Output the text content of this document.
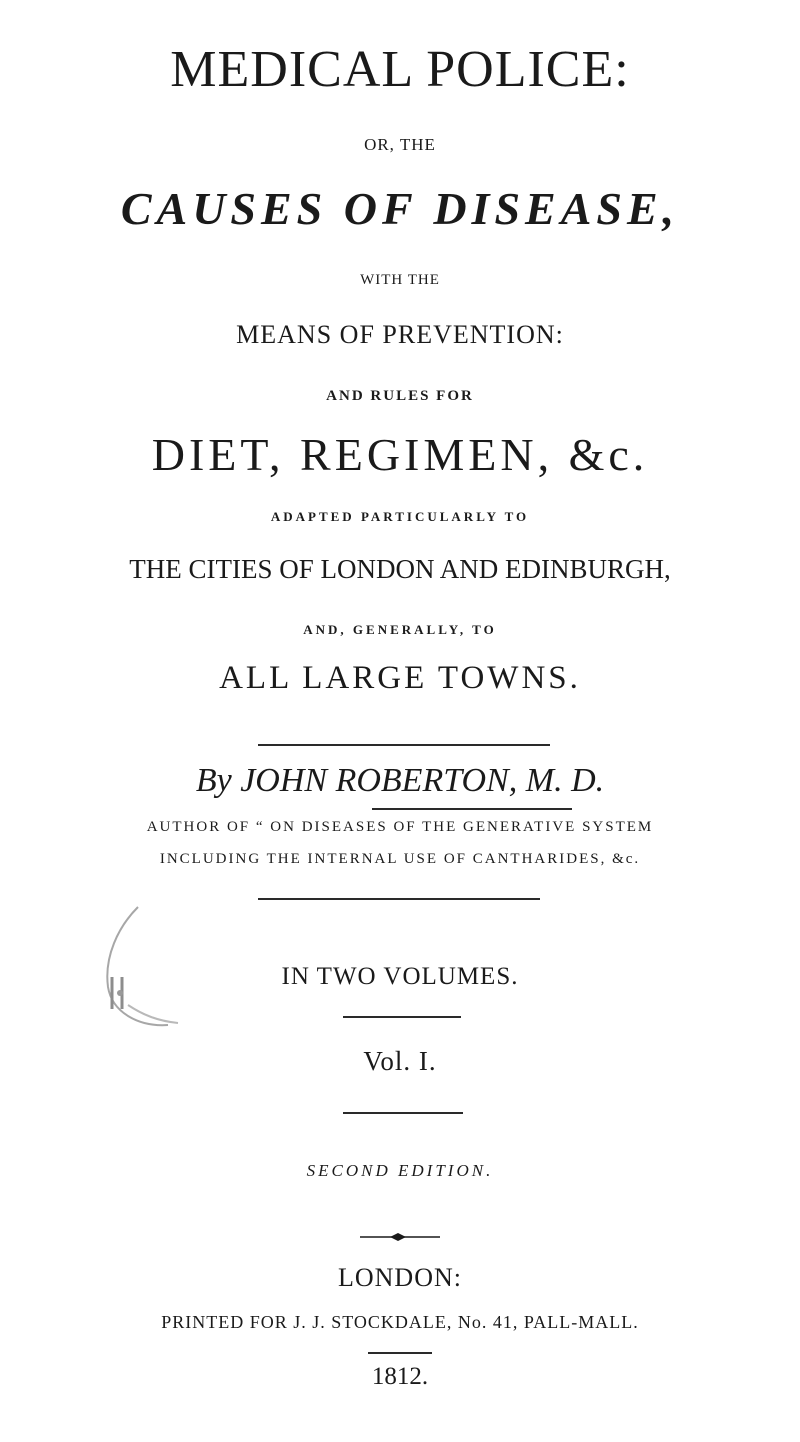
MEDICAL POLICE:
OR, THE
CAUSES OF DISEASE,
WITH THE
MEANS OF PREVENTION:
AND RULES FOR
DIET, REGIMEN, &c.
ADAPTED PARTICULARLY TO
THE CITIES OF LONDON AND EDINBURGH,
AND, GENERALLY, TO
ALL LARGE TOWNS.
By JOHN ROBERTON, M. D.
AUTHOR OF “ ON DISEASES OF THE GENERATIVE SYSTEM
INCLUDING THE INTERNAL USE OF CANTHARIDES, &c.
IN TWO VOLUMES.
Vol. I.
SECOND EDITION.
LONDON:
PRINTED FOR J. J. STOCKDALE, No. 41, PALL-MALL.
1812.
